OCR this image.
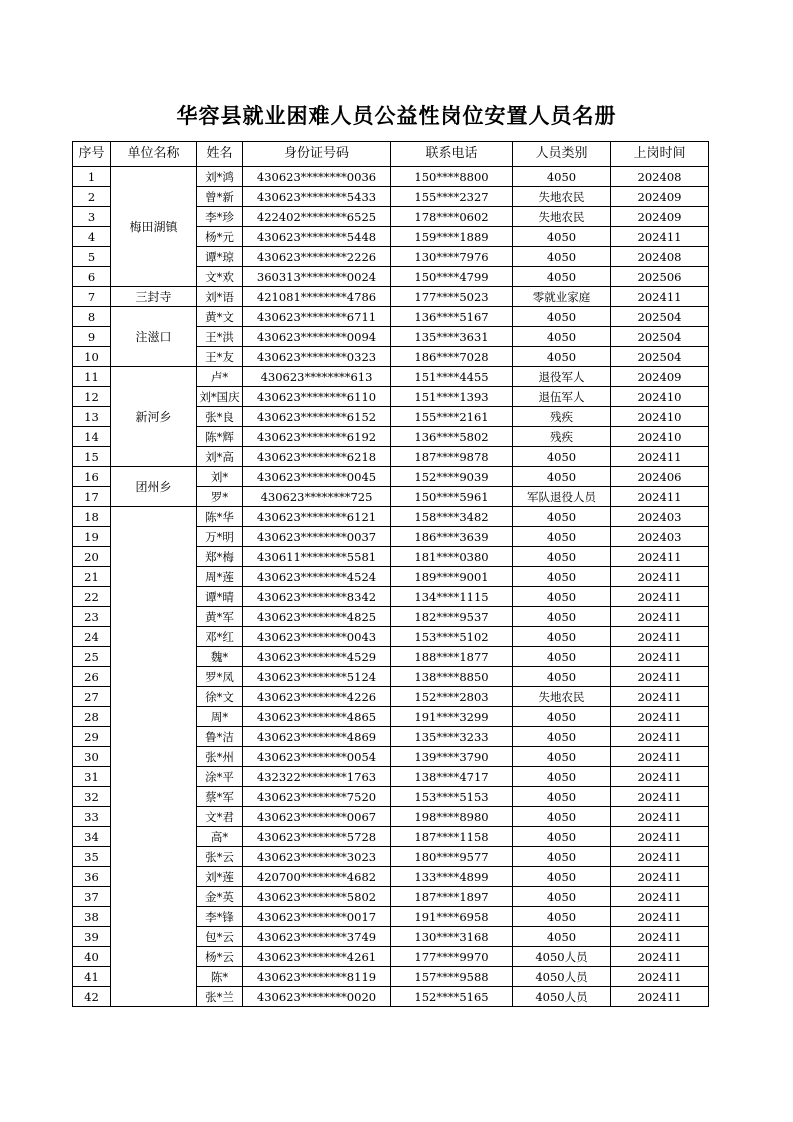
华容县就业困难人员公益性岗位安置人员名册
序号	单位名称	姓名	身份证号码	联系电话	人员类别	上岗时间
1	梅田湖镇	刘*鸿	430623********0036	150****8800	4050	202408
2		曾*新	430623********5433	155****2327	失地农民	202409
3		李*珍	422402********6525	178****0602	失地农民	202409
4		杨*元	430623********5448	159****1889	4050	202411
5		谭*琼	430623********2226	130****7976	4050	202408
6		文*欢	360313********0024	150****4799	4050	202506
7	三封寺	刘*语	421081********4786	177****5023	零就业家庭	202411
8	注滋口	黄*文	430623********6711	136****5167	4050	202504
9		王*洪	430623********0094	135****3631	4050	202504
10		王*友	430623********0323	186****7028	4050	202504
11	新河乡	卢*	430623********613	151****4455	退役军人	202409
12		刘*国庆	430623********6110	151****1393	退伍军人	202410
13		张*良	430623********6152	155****2161	残疾	202410
14		陈*辉	430623********6192	136****5802	残疾	202410
15		刘*高	430623********6218	187****9878	4050	202411
16	团州乡	刘*	430623********0045	152****9039	4050	202406
17		罗*	430623********725	150****5961	军队退役人员	202411
18		陈*华	430623********6121	158****3482	4050	202403
19		万*明	430623********0037	186****3639	4050	202403
20		郑*梅	430611********5581	181****0380	4050	202411
21		周*莲	430623********4524	189****9001	4050	202411
22		谭*晴	430623********8342	134****1115	4050	202411
23		黄*军	430623********4825	182****9537	4050	202411
24		邓*红	430623********0043	153****5102	4050	202411
25		魏*	430623********4529	188****1877	4050	202411
26		罗*凤	430623********5124	138****8850	4050	202411
27		徐*文	430623********4226	152****2803	失地农民	202411
28		周*	430623********4865	191****3299	4050	202411
29		鲁*洁	430623********4869	135****3233	4050	202411
30		张*州	430623********0054	139****3790	4050	202411
31		涂*平	432322********1763	138****4717	4050	202411
32		蔡*军	430623********7520	153****5153	4050	202411
33		文*君	430623********0067	198****8980	4050	202411
34		高*	430623********5728	187****1158	4050	202411
35		张*云	430623********3023	180****9577	4050	202411
36		刘*莲	420700********4682	133****4899	4050	202411
37		金*英	430623********5802	187****1897	4050	202411
38		李*锋	430623********0017	191****6958	4050	202411
39		包*云	430623********3749	130****3168	4050	202411
40		杨*云	430623********4261	177****9970	4050人员	202411
41		陈*	430623********8119	157****9588	4050人员	202411
42		张*兰	430623********0020	152****5165	4050人员	202411
